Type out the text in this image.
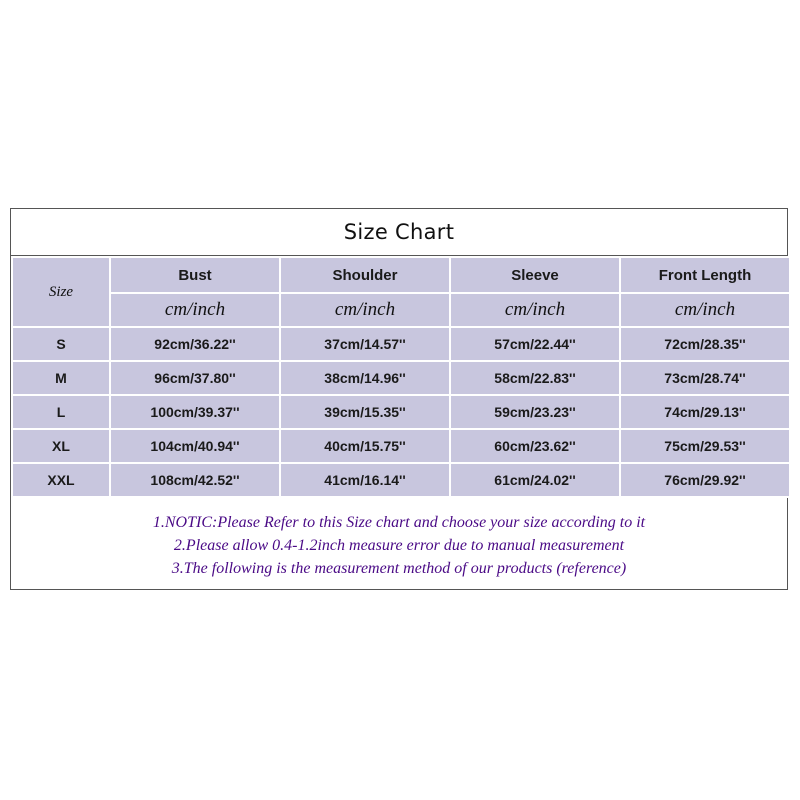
Size Chart
Size	Bust	Shoulder	Sleeve	Front Length
	cm/inch	cm/inch	cm/inch	cm/inch
S	92cm/36.22''	37cm/14.57''	57cm/22.44''	72cm/28.35''
M	96cm/37.80''	38cm/14.96''	58cm/22.83''	73cm/28.74''
L	100cm/39.37''	39cm/15.35''	59cm/23.23''	74cm/29.13''
XL	104cm/40.94''	40cm/15.75''	60cm/23.62''	75cm/29.53''
XXL	108cm/42.52''	41cm/16.14''	61cm/24.02''	76cm/29.92''
1.NOTIC:Please Refer to this Size chart and choose your size according to it
2.Please allow 0.4-1.2inch measure error due to manual measurement
3.The following is the measurement method of our products (reference)
